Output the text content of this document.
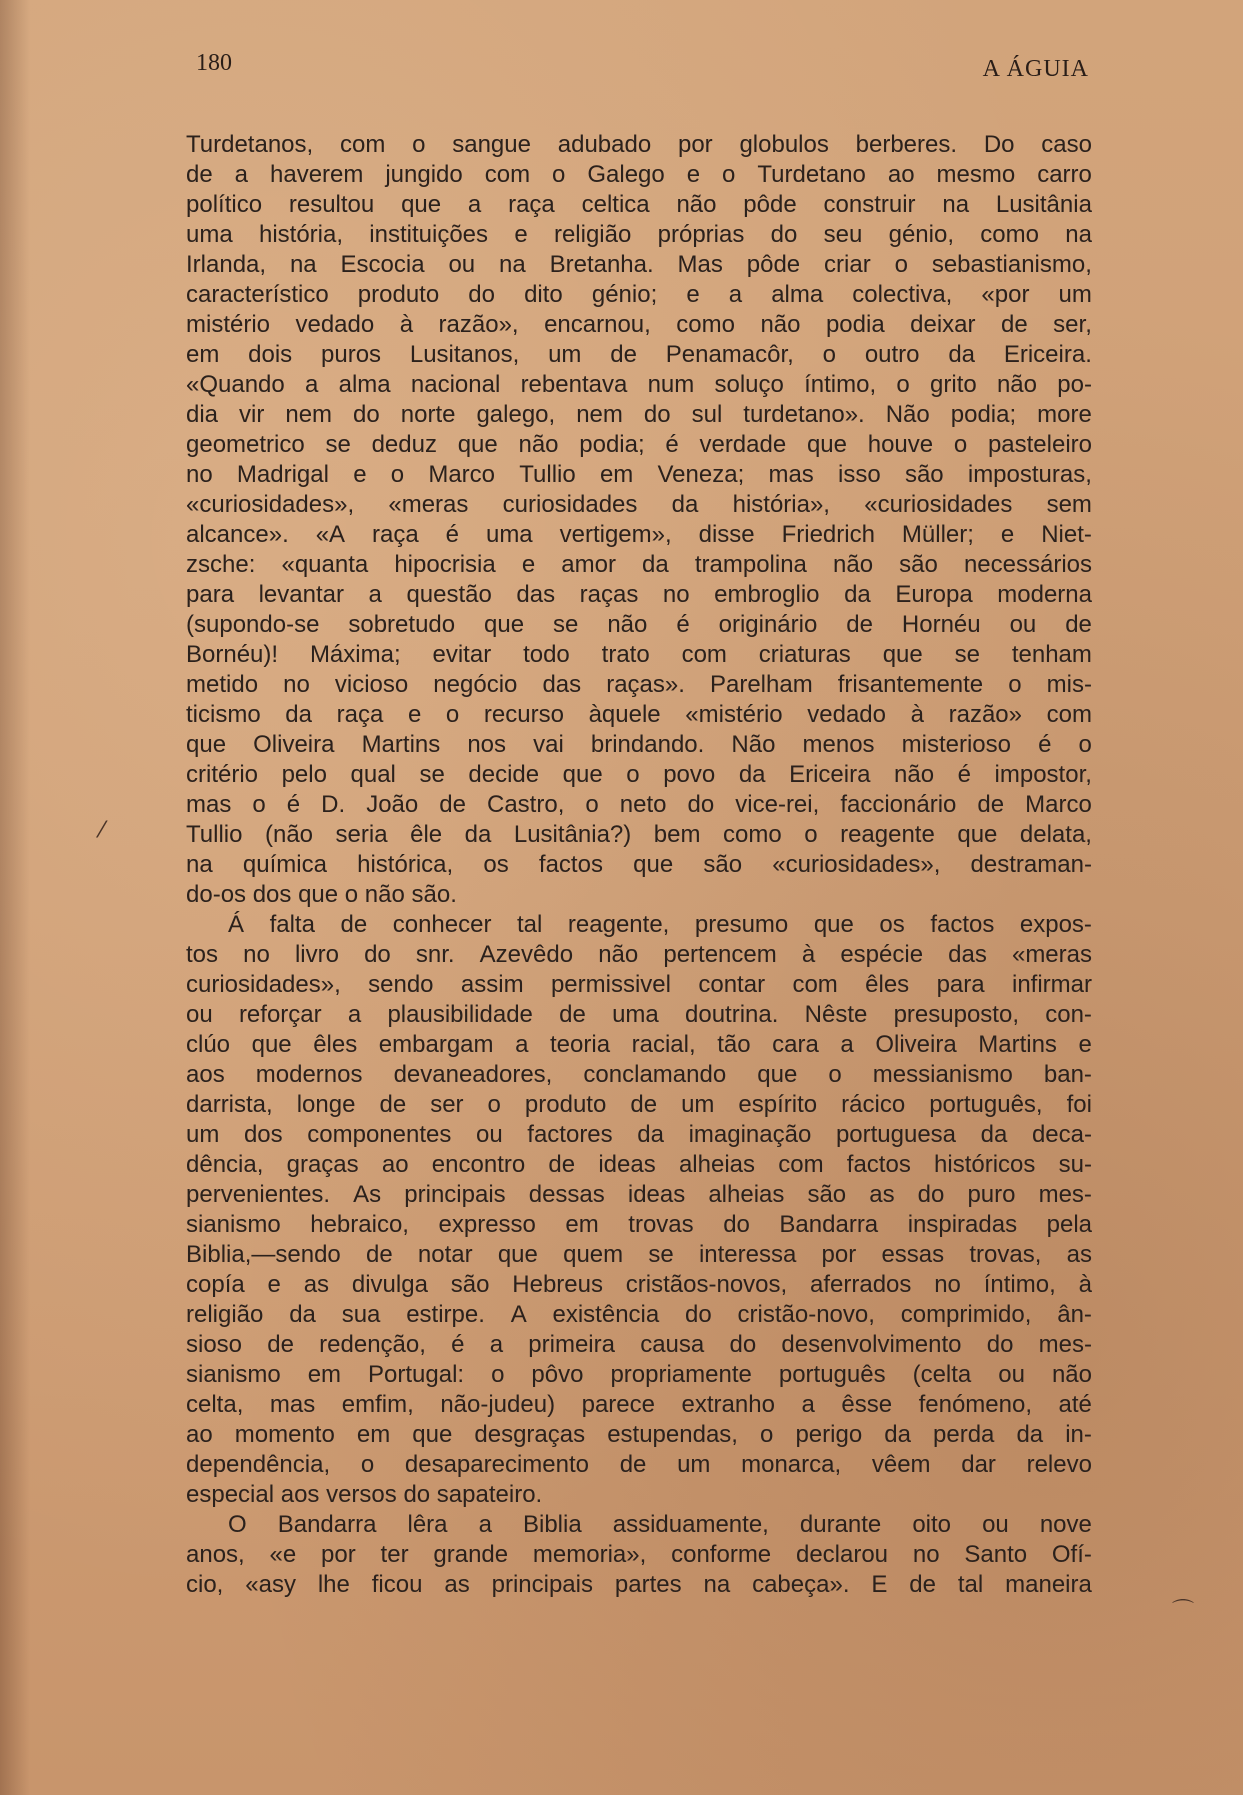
180	A ÁGUIA
Turdetanos, com o sangue adubado por globulos berberes. Do caso
de a haverem jungido com o Galego e o Turdetano ao mesmo carro
político resultou que a raça celtica não pôde construir na Lusitânia
uma história, instituições e religião próprias do seu génio, como na
Irlanda, na Escocia ou na Bretanha. Mas pôde criar o sebastianismo,
característico produto do dito génio; e a alma colectiva, «por um
mistério vedado à razão», encarnou, como não podia deixar de ser,
em dois puros Lusitanos, um de Penamacôr, o outro da Ericeira.
«Quando a alma nacional rebentava num soluço íntimo, o grito não po-
dia vir nem do norte galego, nem do sul turdetano». Não podia; more
geometrico se deduz que não podia; é verdade que houve o pasteleiro
no Madrigal e o Marco Tullio em Veneza; mas isso são imposturas,
«curiosidades», «meras curiosidades da história», «curiosidades sem
alcance». «A raça é uma vertigem», disse Friedrich Müller; e Niet-
zsche: «quanta hipocrisia e amor da trampolina não são necessários
para levantar a questão das raças no embroglio da Europa moderna
(supondo-se sobretudo que se não é originário de Hornéu ou de
Bornéu)! Máxima; evitar todo trato com criaturas que se tenham
metido no vicioso negócio das raças». Parelham frisantemente o mis-
ticismo da raça e o recurso àquele «mistério vedado à razão» com
que Oliveira Martins nos vai brindando. Não menos misterioso é o
critério pelo qual se decide que o povo da Ericeira não é impostor,
mas o é D. João de Castro, o neto do vice-rei, faccionário de Marco
Tullio (não seria êle da Lusitânia?) bem como o reagente que delata,
na química histórica, os factos que são «curiosidades», destraman-
do-os dos que o não são.
Á falta de conhecer tal reagente, presumo que os factos expos-
tos no livro do snr. Azevêdo não pertencem à espécie das «meras
curiosidades», sendo assim permissivel contar com êles para infirmar
ou reforçar a plausibilidade de uma doutrina. Nêste presuposto, con-
clúo que êles embargam a teoria racial, tão cara a Oliveira Martins e
aos modernos devaneadores, conclamando que o messianismo ban-
darrista, longe de ser o produto de um espírito rácico português, foi
um dos componentes ou factores da imaginação portuguesa da deca-
dência, graças ao encontro de ideas alheias com factos históricos su-
pervenientes. As principais dessas ideas alheias são as do puro mes-
sianismo hebraico, expresso em trovas do Bandarra inspiradas pela
Biblia,—sendo de notar que quem se interessa por essas trovas, as
copía e as divulga são Hebreus cristãos-novos, aferrados no íntimo, à
religião da sua estirpe. A existência do cristão-novo, comprimido, ân-
sioso de redenção, é a primeira causa do desenvolvimento do mes-
sianismo em Portugal: o pôvo propriamente português (celta ou não
celta, mas emfim, não-judeu) parece extranho a êsse fenómeno, até
ao momento em que desgraças estupendas, o perigo da perda da in-
dependência, o desaparecimento de um monarca, vêem dar relevo
especial aos versos do sapateiro.
O Bandarra lêra a Biblia assiduamente, durante oito ou nove
anos, «e por ter grande memoria», conforme declarou no Santo Ofí-
cio, «asy lhe ficou as principais partes na cabeça». E de tal maneira
⁄
⌒
